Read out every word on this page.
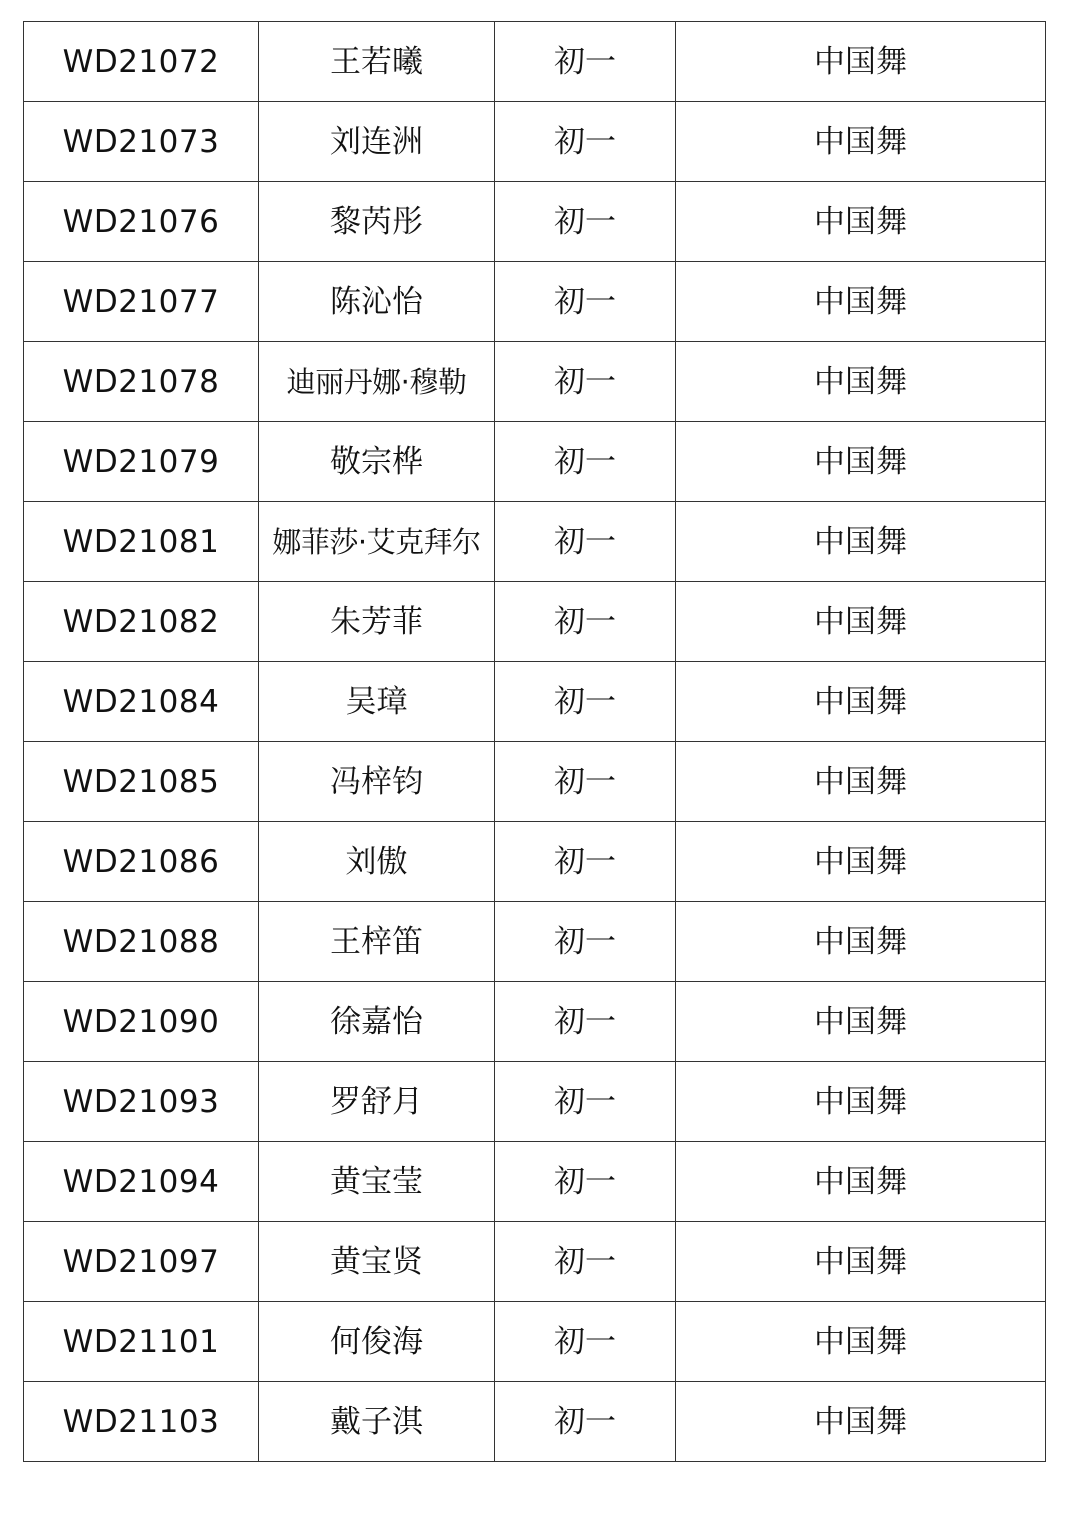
WD21072	王若曦	初一	中国舞
WD21073	刘连洲	初一	中国舞
WD21076	黎芮彤	初一	中国舞
WD21077	陈沁怡	初一	中国舞
WD21078	迪丽丹娜·穆勒	初一	中国舞
WD21079	敬宗桦	初一	中国舞
WD21081	娜菲莎·艾克拜尔	初一	中国舞
WD21082	朱芳菲	初一	中国舞
WD21084	吴璋	初一	中国舞
WD21085	冯梓钧	初一	中国舞
WD21086	刘傲	初一	中国舞
WD21088	王梓笛	初一	中国舞
WD21090	徐嘉怡	初一	中国舞
WD21093	罗舒月	初一	中国舞
WD21094	黄宝莹	初一	中国舞
WD21097	黄宝贤	初一	中国舞
WD21101	何俊海	初一	中国舞
WD21103	戴子淇	初一	中国舞
